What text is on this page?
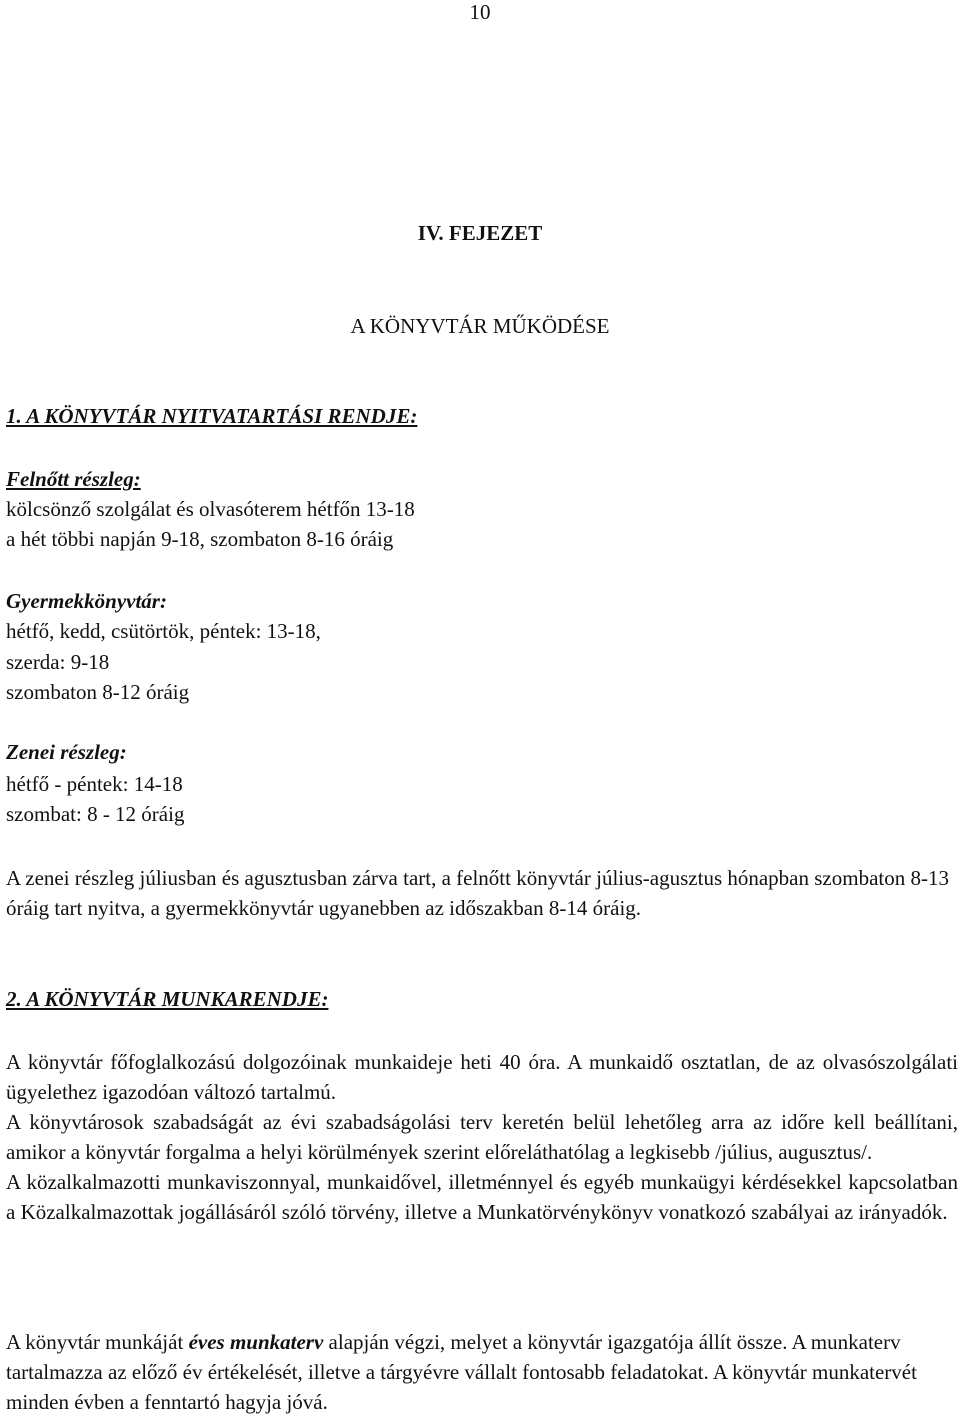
10
IV. FEJEZET
A KÖNYVTÁR MŰKÖDÉSE
1. A KÖNYVTÁR NYITVATARTÁSI RENDJE:
Felnőtt részleg:
kölcsönző szolgálat és olvasóterem hétfőn 13-18
a hét többi napján 9-18, szombaton 8-16 óráig
Gyermekkönyvtár:
hétfő, kedd, csütörtök, péntek: 13-18,
szerda: 9-18
szombaton 8-12 óráig
Zenei részleg:
hétfő - péntek: 14-18
szombat: 8 - 12 óráig

A zenei részleg júliusban és agusztusban zárva tart, a felnőtt könyvtár július-agusztus hónapban szombaton 8-13 óráig tart nyitva, a gyermekkönyvtár ugyanebben az időszakban 8-14 óráig.

2. A KÖNYVTÁR MUNKARENDJE:

A könyvtár főfoglalkozású dolgozóinak munkaideje heti 40 óra. A munkaidő osztatlan, de az olvasószolgálati ügyelethez igazodóan változó tartalmú.

A könyvtárosok szabadságát az évi szabadságolási terv keretén belül lehetőleg arra az időre kell beállítani, amikor a könyvtár forgalma a helyi körülmények szerint előreláthatólag a legkisebb /július, augusztus/.

A közalkalmazotti munkaviszonnyal, munkaidővel, illetménnyel és egyéb munkaügyi kérdésekkel kapcsolatban a Közalkalmazottak jogállásáról szóló törvény, illetve a Munkatörvénykönyv vonatkozó szabályai az irányadók.

A könyvtár munkáját éves munkaterv alapján végzi, melyet a könyvtár igazgatója állít össze. A munkaterv tartalmazza az előző év értékelését, illetve a tárgyévre vállalt fontosabb feladatokat. A könyvtár munkatervét minden évben a fenntartó hagyja jóvá.
